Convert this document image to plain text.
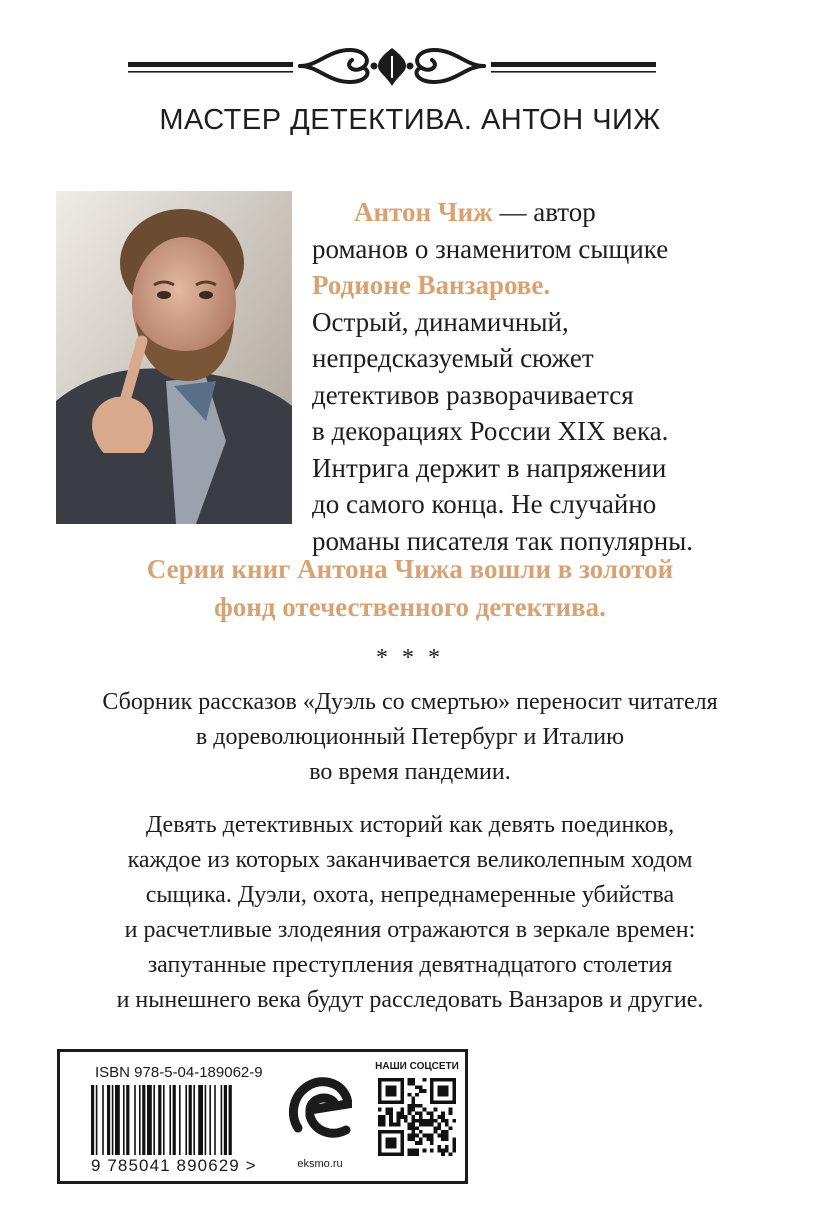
МАСТЕР ДЕТЕКТИВА. АНТОН ЧИЖ
Антон Чиж — автор
романов о знаменитом сыщике
Родионе Ванзарове.
Острый, динамичный,
непредсказуемый сюжет
детективов разворачивается
в декорациях России XIX века.
Интрига держит в напряжении
до самого конца. Не случайно
романы писателя так популярны.
Серии книг Антона Чижа вошли в золотой
фонд отечественного детектива.
* * *
Сборник рассказов «Дуэль со смертью» переносит читателя
в дореволюционный Петербург и Италию
во время пандемии.
Девять детективных историй как девять поединков,
каждое из которых заканчивается великолепным ходом
сыщика. Дуэли, охота, непреднамеренные убийства
и расчетливые злодеяния отражаются в зеркале времен:
запутанные преступления девятнадцатого столетия
и нынешнего века будут расследовать Ванзаров и другие.
ISBN 978-5-04-189062-9
9 785041 890629 >	eksmo.ru
НАШИ СОЦСЕТИ
